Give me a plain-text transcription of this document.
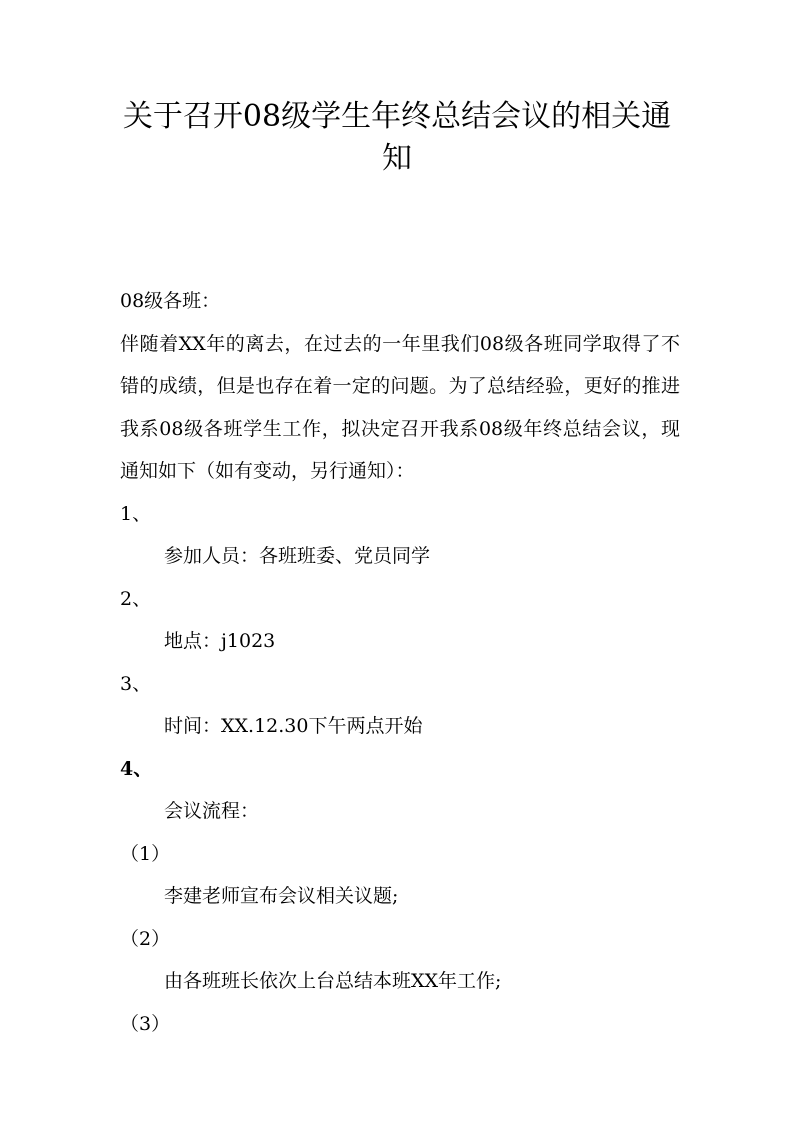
关于召开08级学生年终总结会议的相关通知
08级各班：
伴随着XX年的离去，在过去的一年里我们08级各班同学取得了不错的成绩，但是也存在着一定的问题。为了总结经验，更好的推进我系08级各班学生工作，拟决定召开我系08级年终总结会议，现通知如下（如有变动，另行通知）：
1、
参加人员：各班班委、党员同学
2、
地点：j1023
3、
时间：XX.12.30下午两点开始
4、
会议流程：
（1）
李建老师宣布会议相关议题;
（2）
由各班班长依次上台总结本班XX年工作;
（3）
